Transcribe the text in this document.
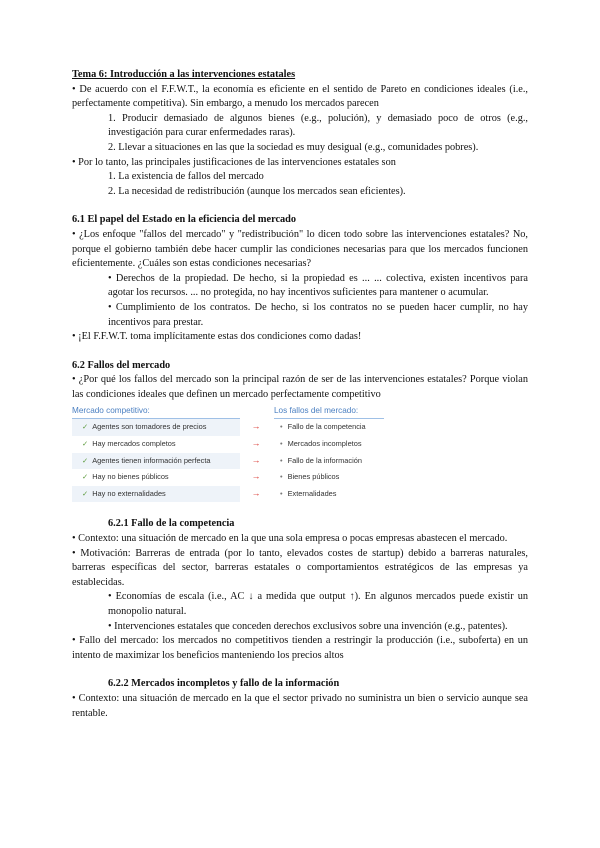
Tema 6: Introducción a las intervenciones estatales

• De acuerdo con el F.F.W.T., la economía es eficiente en el sentido de Pareto en condiciones ideales (i.e., perfectamente competitiva). Sin embargo, a menudo los mercados parecen

1. Producir demasiado de algunos bienes (e.g., polución), y demasiado poco de otros (e.g., investigación para curar enfermedades raras).

2. Llevar a situaciones en las que la sociedad es muy desigual (e.g., comunidades pobres).

• Por lo tanto, las principales justificaciones de las intervenciones estatales son

1. La existencia de fallos del mercado

2. La necesidad de redistribución (aunque los mercados sean eficientes).

6.1 El papel del Estado en la eficiencia del mercado

• ¿Los enfoque "fallos del mercado" y "redistribución" lo dicen todo sobre las intervenciones estatales? No, porque el gobierno también debe hacer cumplir las condiciones necesarias para que los mercados funcionen eficientemente. ¿Cuáles son estas condiciones necesarias?

• Derechos de la propiedad. De hecho, si la propiedad es ... ... colectiva, existen incentivos para agotar los recursos. ... no protegida, no hay incentivos suficientes para mantener o acumular.

• Cumplimiento de los contratos. De hecho, si los contratos no se pueden hacer cumplir, no hay incentivos para prestar.

• ¡El F.F.W.T. toma implícitamente estas dos condiciones como dadas!

6.2 Fallos del mercado

• ¿Por qué los fallos del mercado son la principal razón de ser de las intervenciones estatales? Porque violan las condiciones ideales que definen un mercado perfectamente competitivo

Mercado competitivo:
✓ Agentes son tomadores de precios
✓ Hay mercados completos
✓ Agentes tienen información perfecta
✓ Hay no bienes públicos
✓ Hay no externalidades
→
→
→
→
→
Los fallos del mercado:
• Fallo de la competencia
• Mercados incompletos
• Fallo de la información
• Bienes públicos
• Externalidades

6.2.1 Fallo de la competencia

• Contexto: una situación de mercado en la que una sola empresa o pocas empresas abastecen el mercado.

• Motivación: Barreras de entrada (por lo tanto, elevados costes de startup) debido a barreras naturales, barreras específicas del sector, barreras estatales o comportamientos estratégicos de las empresas ya establecidas.

• Economías de escala (i.e., AC ↓ a medida que output ↑). En algunos mercados puede existir un monopolio natural.

• Intervenciones estatales que conceden derechos exclusivos sobre una invención (e.g., patentes).

• Fallo del mercado: los mercados no competitivos tienden a restringir la producción (i.e., suboferta) en un intento de maximizar los beneficios manteniendo los precios altos

6.2.2 Mercados incompletos y fallo de la información

• Contexto: una situación de mercado en la que el sector privado no suministra un bien o servicio aunque sea rentable.
